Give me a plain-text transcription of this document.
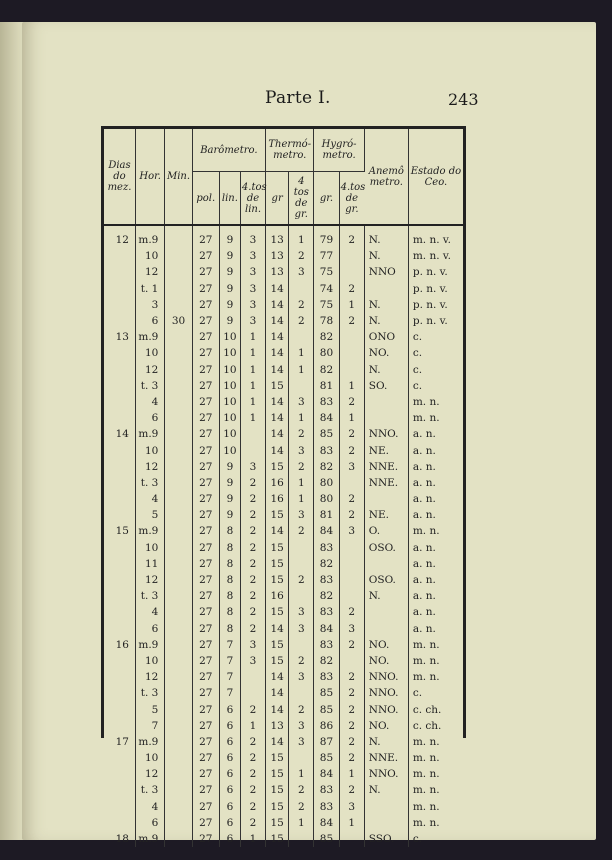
Parte I.	243
Dias do mez.	Hor.	Min.	Barômetro.			Thermó-metro.		Hygró-metro.		Anemô metro.	Estado do Ceo.
			pol.	lin.	4.tos de lin.	gr	4 tos de gr.	gr.	4.tos de gr.		

12	m.9		27	9	3	13	1	79	2	N.	m. n. v.
	10		27	9	3	13	2	77		N.	m. n. v.
	12		27	9	3	13	3	75		NNO	p. n. v.
	t. 1		27	9	3	14		74	2		p. n. v.
	3		27	9	3	14	2	75	1	N.	p. n. v.
	6	30	27	9	3	14	2	78	2	N.	p. n. v.
13	m.9		27	10	1	14		82		ONO	c.
	10		27	10	1	14	1	80		NO.	c.
	12		27	10	1	14	1	82		N.	c.
	t. 3		27	10	1	15		81	1	SO.	c.
	4		27	10	1	14	3	83	2		m. n.
	6		27	10	1	14	1	84	1		m. n.
14	m.9		27	10		14	2	85	2	NNO.	a. n.
	10		27	10		14	3	83	2	NE.	a. n.
	12		27	9	3	15	2	82	3	NNE.	a. n.
	t. 3		27	9	2	16	1	80		NNE.	a. n.
	4		27	9	2	16	1	80	2		a. n.
	5		27	9	2	15	3	81	2	NE.	a. n.
15	m.9		27	8	2	14	2	84	3	O.	m. n.
	10		27	8	2	15		83		OSO.	a. n.
	11		27	8	2	15		82			a. n.
	12		27	8	2	15	2	83		OSO.	a. n.
	t. 3		27	8	2	16		82		N.	a. n.
	4		27	8	2	15	3	83	2		a. n.
	6		27	8	2	14	3	84	3		a. n.
16	m.9		27	7	3	15		83	2	NO.	m. n.
	10		27	7	3	15	2	82		NO.	m. n.
	12		27	7		14	3	83	2	NNO.	m. n.
	t. 3		27	7		14		85	2	NNO.	c.
	5		27	6	2	14	2	85	2	NNO.	c. ch.
	7		27	6	1	13	3	86	2	NO.	c. ch.
17	m.9		27	6	2	14	3	87	2	N.	m. n.
	10		27	6	2	15		85	2	NNE.	m. n.
	12		27	6	2	15	1	84	1	NNO.	m. n.
	t. 3		27	6	2	15	2	83	2	N.	m. n.
	4		27	6	2	15	2	83	3		m. n.
	6		27	6	2	15	1	84	1		m. n.
18	m.9		27	6	1	15		85		SSO.	c.
